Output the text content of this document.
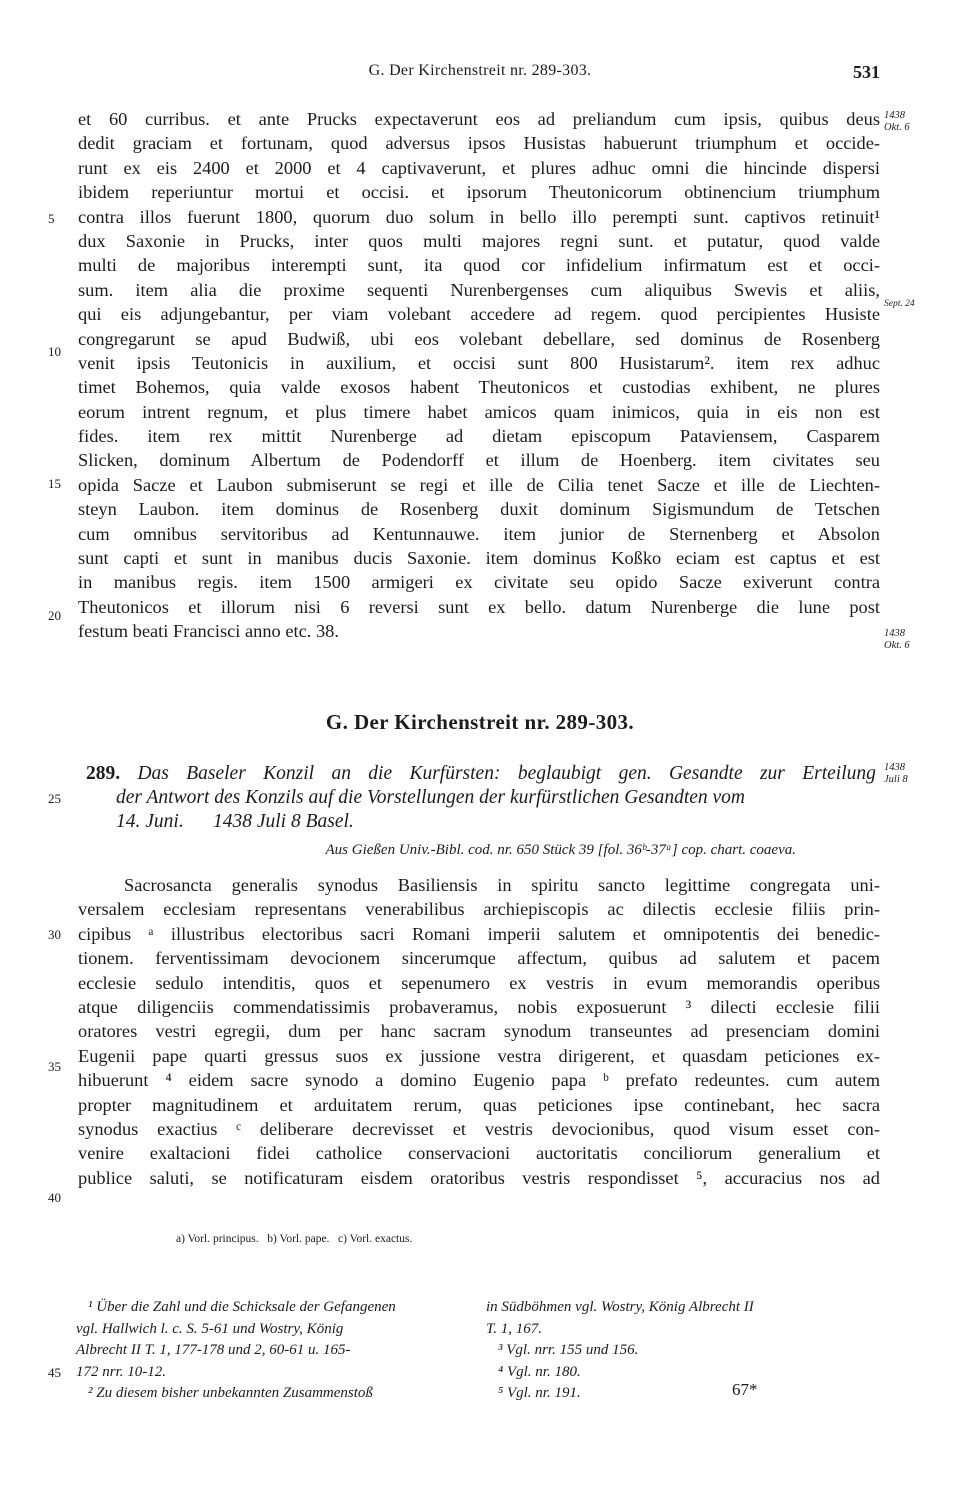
G. Der Kirchenstreit nr. 289-303.	531
et 60 curribus. et ante Prucks expectaverunt eos ad preliandum cum ipsis, quibus deus
dedit graciam et fortunam, quod adversus ipsos Husistas habuerunt triumphum et occide-
runt ex eis 2400 et 2000 et 4 captivaverunt, et plures adhuc omni die hincinde dispersi
ibidem reperiuntur mortui et occisi. et ipsorum Theutonicorum obtinencium triumphum
contra illos fuerunt 1800, quorum duo solum in bello illo perempti sunt. captivos retinuit¹
dux Saxonie in Prucks, inter quos multi majores regni sunt. et putatur, quod valde
multi de majoribus interempti sunt, ita quod cor infidelium infirmatum est et occi-
sum. item alia die proxime sequenti Nurenbergenses cum aliquibus Swevis et aliis,
qui eis adjungebantur, per viam volebant accedere ad regem. quod percipientes Husiste
congregarunt se apud Budwiß, ubi eos volebant debellare, sed dominus de Rosenberg
venit ipsis Teutonicis in auxilium, et occisi sunt 800 Husistarum². item rex adhuc
timet Bohemos, quia valde exosos habent Theutonicos et custodias exhibent, ne plures
eorum intrent regnum, et plus timere habet amicos quam inimicos, quia in eis non est
fides. item rex mittit Nurenberge ad dietam episcopum Pataviensem, Casparem
Slicken, dominum Albertum de Podendorff et illum de Hoenberg. item civitates seu
opida Sacze et Laubon submiserunt se regi et ille de Cilia tenet Sacze et ille de Liechten-
steyn Laubon. item dominus de Rosenberg duxit dominum Sigismundum de Tetschen
cum omnibus servitoribus ad Kentunnauwe. item junior de Sternenberg et Absolon
sunt capti et sunt in manibus ducis Saxonie. item dominus Koßko eciam est captus et est
in manibus regis. item 1500 armigeri ex civitate seu opido Sacze exiverunt contra
Theutonicos et illorum nisi 6 reversi sunt ex bello. datum Nurenberge die lune post
festum beati Francisci anno etc. 38.
5
10
15
20
1438
Okt. 6
Sept. 24
1438
Okt. 6
G. Der Kirchenstreit nr. 289-303.
289. Das Baseler Konzil an die Kurfürsten: beglaubigt gen. Gesandte zur Erteilung
der Antwort des Konzils auf die Vorstellungen der kurfürstlichen Gesandten vom
14. Juni.      1438 Juli 8 Basel.
25
1438
Juli 8
Aus Gießen Univ.-Bibl. cod. nr. 650 Stück 39 [fol. 36ᵇ-37ᵃ] cop. chart. coaeva.
Sacrosancta generalis synodus Basiliensis in spiritu sancto legittime congregata uni-
versalem ecclesiam representans venerabilibus archiepiscopis ac dilectis ecclesie filiis prin-
cipibus ᵃ illustribus electoribus sacri Romani imperii salutem et omnipotentis dei benedic-
tionem. ferventissimam devocionem sincerumque affectum, quibus ad salutem et pacem
ecclesie sedulo intenditis, quos et sepenumero ex vestris in evum memorandis operibus
atque diligenciis commendatissimis probaveramus, nobis exposuerunt ³ dilecti ecclesie filii
oratores vestri egregii, dum per hanc sacram synodum transeuntes ad presenciam domini
Eugenii pape quarti gressus suos ex jussione vestra dirigerent, et quasdam peticiones ex-
hibuerunt ⁴ eidem sacre synodo a domino Eugenio papa ᵇ prefato redeuntes. cum autem
propter magnitudinem et arduitatem rerum, quas peticiones ipse continebant, hec sacra
synodus exactius ᶜ deliberare decrevisset et vestris devocionibus, quod visum esset con-
venire exaltacioni fidei catholice conservacioni auctoritatis conciliorum generalium et
publice saluti, se notificaturam eisdem oratoribus vestris respondisset ⁵, accuracius nos ad
30
35
40
a) Vorl. principus.   b) Vorl. pape.   c) Vorl. exactus.
¹ Über die Zahl und die Schicksale der Gefangenen
vgl. Hallwich l. c. S. 5-61 und Wostry, König
Albrecht II T. 1, 177-178 und 2, 60-61 u. 165-
172 nrr. 10-12.
² Zu diesem bisher unbekannten Zusammenstoß
45
in Südböhmen vgl. Wostry, König Albrecht II
T. 1, 167.
³ Vgl. nrr. 155 und 156.
⁴ Vgl. nr. 180.
⁵ Vgl. nr. 191.	67*
